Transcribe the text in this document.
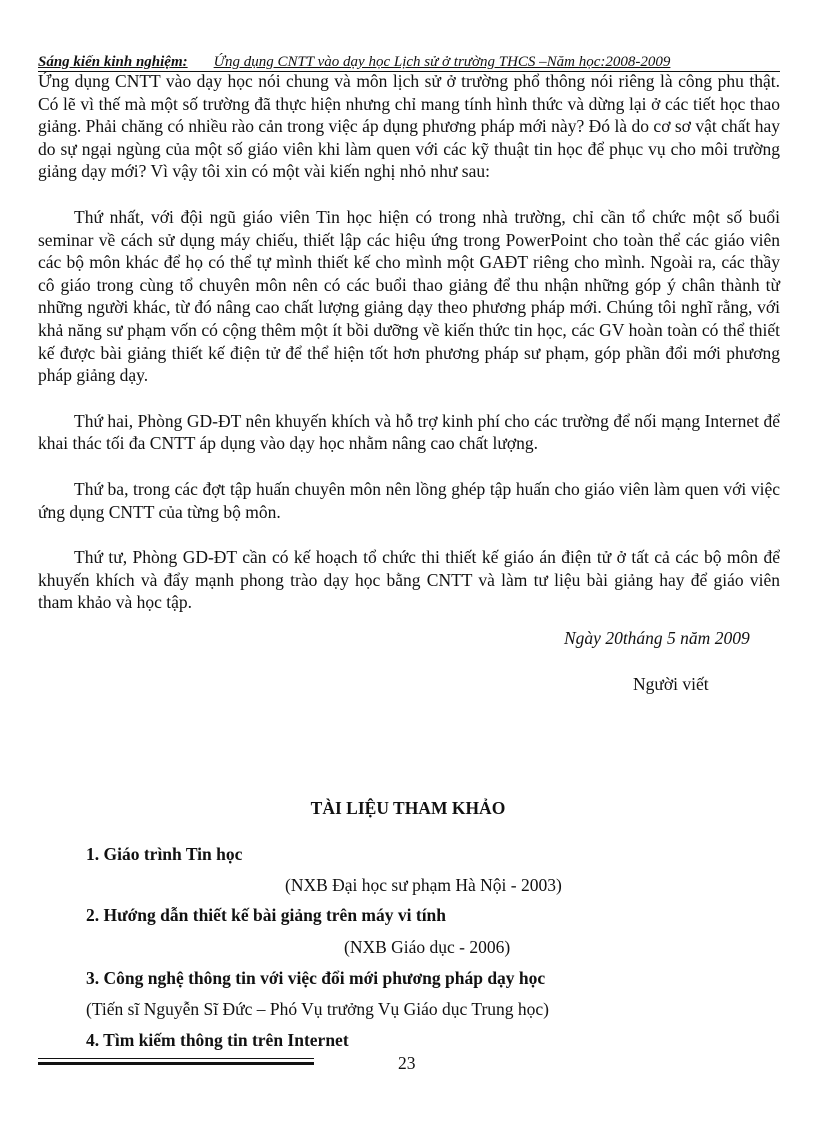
Sáng kiến kinh nghiệm: Ứng dụng CNTT vào dạy học Lịch sử ở trường THCS –Năm học:2008-2009

Ứng dụng CNTT vào dạy học nói chung và môn lịch sử ở trường phổ thông nói riêng là công phu thật. Có lẽ vì thế mà một số trường đã thực hiện nhưng chỉ mang tính hình thức và dừng lại ở các tiết học thao giảng. Phải chăng có nhiều rào cản trong việc áp dụng phương pháp mới này? Đó là do cơ sơ vật chất hay do sự ngại ngùng của một số giáo viên khi làm quen với các kỹ thuật tin học để phục vụ cho môi trường giảng dạy mới? Vì vậy tôi xin có một vài kiến nghị nhỏ như sau:

Thứ nhất, với đội ngũ giáo viên Tin học hiện có trong nhà trường, chỉ cần tổ chức một số buổi seminar về cách sử dụng máy chiếu, thiết lập các hiệu ứng trong PowerPoint cho toàn thể các giáo viên các bộ môn khác để họ có thể tự mình thiết kế cho mình một GAĐT riêng cho mình. Ngoài ra, các thầy cô giáo trong cùng tổ chuyên môn nên có các buổi thao giảng để thu nhận những góp ý chân thành từ những người khác, từ đó nâng cao chất lượng giảng dạy theo phương pháp mới. Chúng tôi nghĩ rằng, với khả năng sư phạm vốn có cộng thêm một ít bồi dưỡng về kiến thức tin học, các GV hoàn toàn có thể thiết kế được bài giảng thiết kế điện tử để thể hiện tốt hơn phương pháp sư phạm, góp phần đổi mới phương pháp giảng dạy.

Thứ hai, Phòng GD-ĐT nên khuyến khích và hỗ trợ kinh phí cho các trường để nối mạng Internet để khai thác tối đa CNTT áp dụng vào dạy học nhằm nâng cao chất lượng.

Thứ ba, trong các đợt tập huấn chuyên môn nên lồng ghép tập huấn cho giáo viên làm quen với việc ứng dụng CNTT của từng bộ môn.

Thứ tư, Phòng GD-ĐT cần có kế hoạch tổ chức thi thiết kế giáo án điện tử ở tất cả các bộ môn để khuyến khích và đẩy mạnh phong trào dạy học bằng CNTT và làm tư liệu bài giảng hay để giáo viên tham khảo và học tập.

Ngày 20tháng 5 năm 2009
Người viết
TÀI LIỆU THAM KHẢO
1. Giáo trình Tin học
(NXB Đại học sư phạm Hà Nội - 2003)
2. Hướng dẫn thiết kế bài giảng trên máy vi tính
(NXB Giáo dục - 2006)
3. Công nghệ thông tin với việc đổi mới phương pháp dạy học
(Tiến sĩ Nguyễn Sĩ Đức – Phó Vụ trưởng Vụ Giáo dục Trung học)
4. Tìm kiếm thông tin trên Internet
23
